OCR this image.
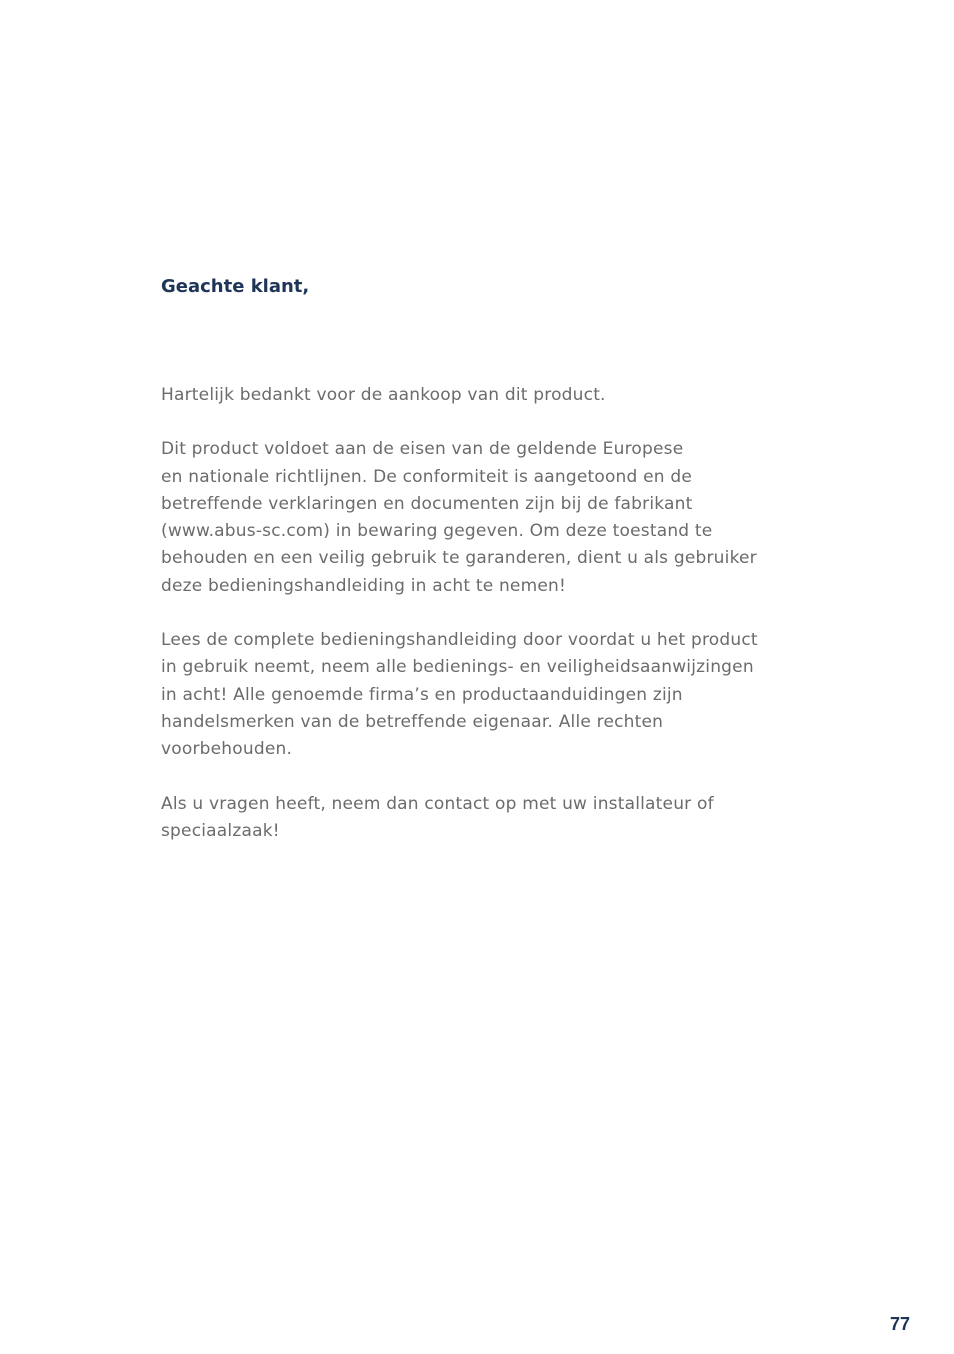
Geachte klant,

Hartelijk bedankt voor de aankoop van dit product.

Dit product voldoet aan de eisen van de geldende Europese
en nationale richtlijnen. De conformiteit is aangetoond en de
betreffende verklaringen en documenten zijn bij de fabrikant
(www.abus-sc.com) in bewaring gegeven. Om deze toestand te
behouden en een veilig gebruik te garanderen, dient u als gebruiker
deze bedieningshandleiding in acht te nemen!

Lees de complete bedieningshandleiding door voordat u het product
in gebruik neemt, neem alle bedienings- en veiligheidsaanwijzingen
in acht! Alle genoemde firma’s en productaanduidingen zijn
handelsmerken van de betreffende eigenaar. Alle rechten
voorbehouden.

Als u vragen heeft, neem dan contact op met uw installateur of
speciaalzaak!

77
